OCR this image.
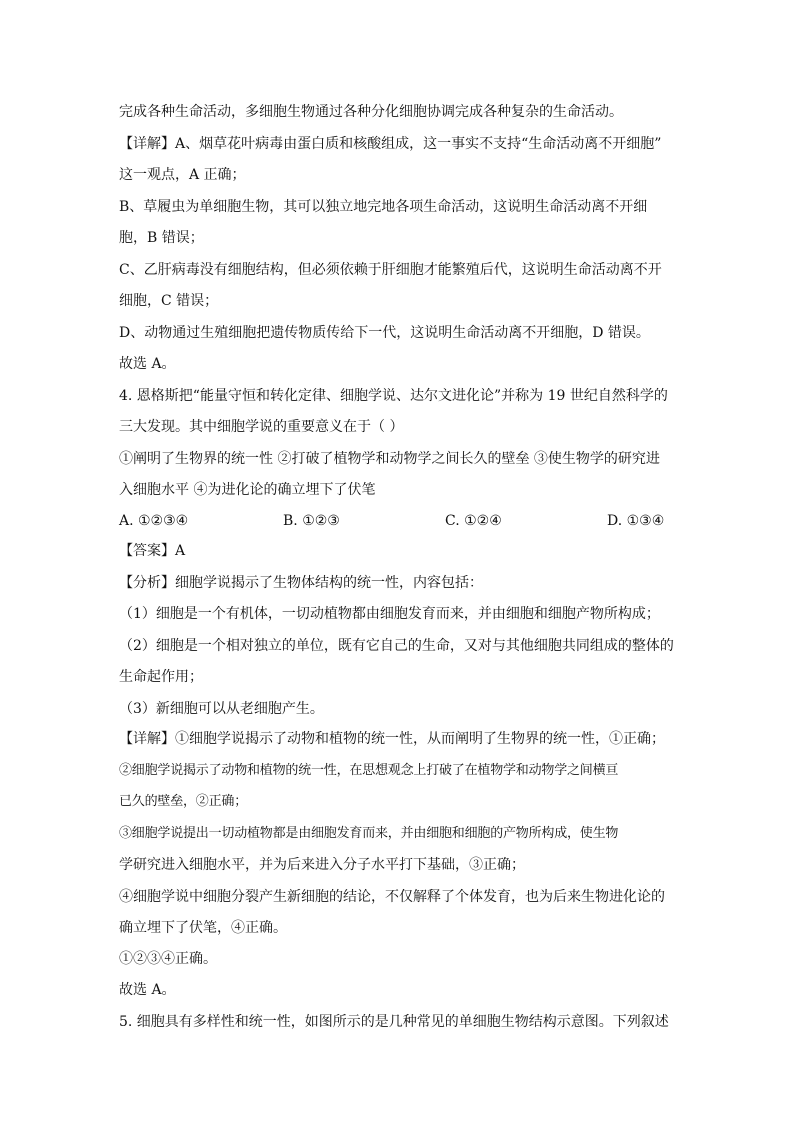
完成各种生命活动，多细胞生物通过各种分化细胞协调完成各种复杂的生命活动。
【详解】A、烟草花叶病毒由蛋白质和核酸组成，这一事实不支持“生命活动离不开细胞”
这一观点，A 正确；
B、草履虫为单细胞生物，其可以独立地完地各项生命活动，这说明生命活动离不开细
胞，B 错误；
C、乙肝病毒没有细胞结构，但必须依赖于肝细胞才能繁殖后代，这说明生命活动离不开
细胞，C 错误；
D、动物通过生殖细胞把遗传物质传给下一代，这说明生命活动离不开细胞，D 错误。
故选 A。
4. 恩格斯把“能量守恒和转化定律、细胞学说、达尔文进化论”并称为 19 世纪自然科学的
三大发现。其中细胞学说的重要意义在于（ ）
①阐明了生物界的统一性 ②打破了植物学和动物学之间长久的壁垒 ③使生物学的研究进
入细胞水平 ④为进化论的确立埋下了伏笔
A. ①②③④	B. ①②③	C. ①②④	D. ①③④
【答案】A
【分析】细胞学说揭示了生物体结构的统一性，内容包括：
（1）细胞是一个有机体，一切动植物都由细胞发育而来，并由细胞和细胞产物所构成；
（2）细胞是一个相对独立的单位，既有它自己的生命，又对与其他细胞共同组成的整体的
生命起作用；
（3）新细胞可以从老细胞产生。
【详解】①细胞学说揭示了动物和植物的统一性，从而阐明了生物界的统一性，①正确；
②细胞学说揭示了动物和植物的统一性，在思想观念上打破了在植物学和动物学之间横亘
已久的壁垒，②正确；
③细胞学说提出一切动植物都是由细胞发育而来，并由细胞和细胞的产物所构成，使生物
学研究进入细胞水平，并为后来进入分子水平打下基础，③正确；
④细胞学说中细胞分裂产生新细胞的结论，不仅解释了个体发育，也为后来生物进化论的
确立埋下了伏笔，④正确。
①②③④正确。
故选 A。
5. 细胞具有多样性和统一性，如图所示的是几种常见的单细胞生物结构示意图。下列叙述
